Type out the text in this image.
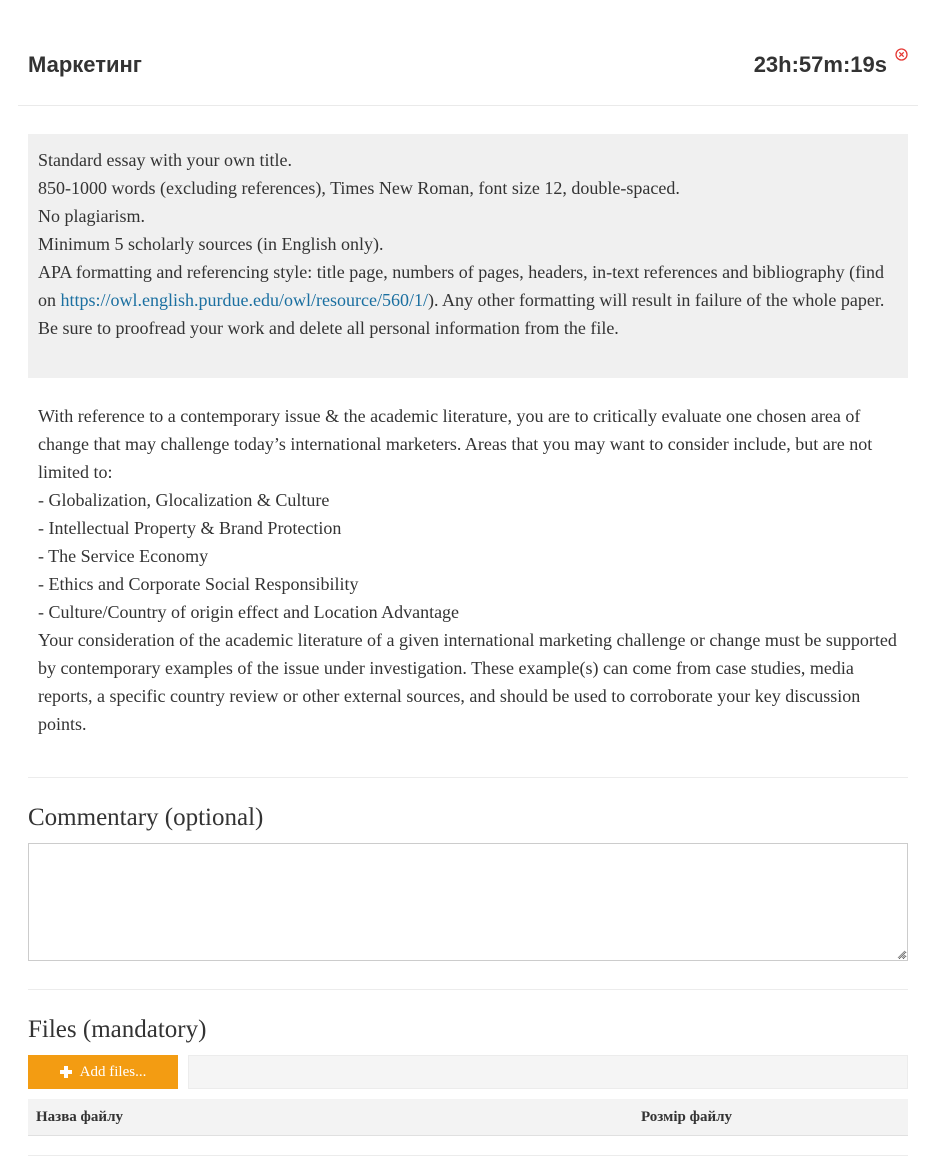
Маркетинг	23h:57m:19s
Standard essay with your own title.
850-1000 words (excluding references), Times New Roman, font size 12, double-spaced.
No plagiarism.
Minimum 5 scholarly sources (in English only).
APA formatting and referencing style: title page, numbers of pages, headers, in-text references and bibliography (find on https://owl.english.purdue.edu/owl/resource/560/1/). Any other formatting will result in failure of the whole paper.
Be sure to proofread your work and delete all personal information from the file.
With reference to a contemporary issue & the academic literature, you are to critically evaluate one chosen area of change that may challenge today’s international marketers. Areas that you may want to consider include, but are not limited to:
- Globalization, Glocalization & Culture
- Intellectual Property & Brand Protection
- The Service Economy
- Ethics and Corporate Social Responsibility
- Culture/Country of origin effect and Location Advantage
Your consideration of the academic literature of a given international marketing challenge or change must be supported by contemporary examples of the issue under investigation. These example(s) can come from case studies, media reports, a specific country review or other external sources, and should be used to corroborate your key discussion points.
Commentary (optional)
Files (mandatory)
Add files...
Назва файлу	Розмір файлу
